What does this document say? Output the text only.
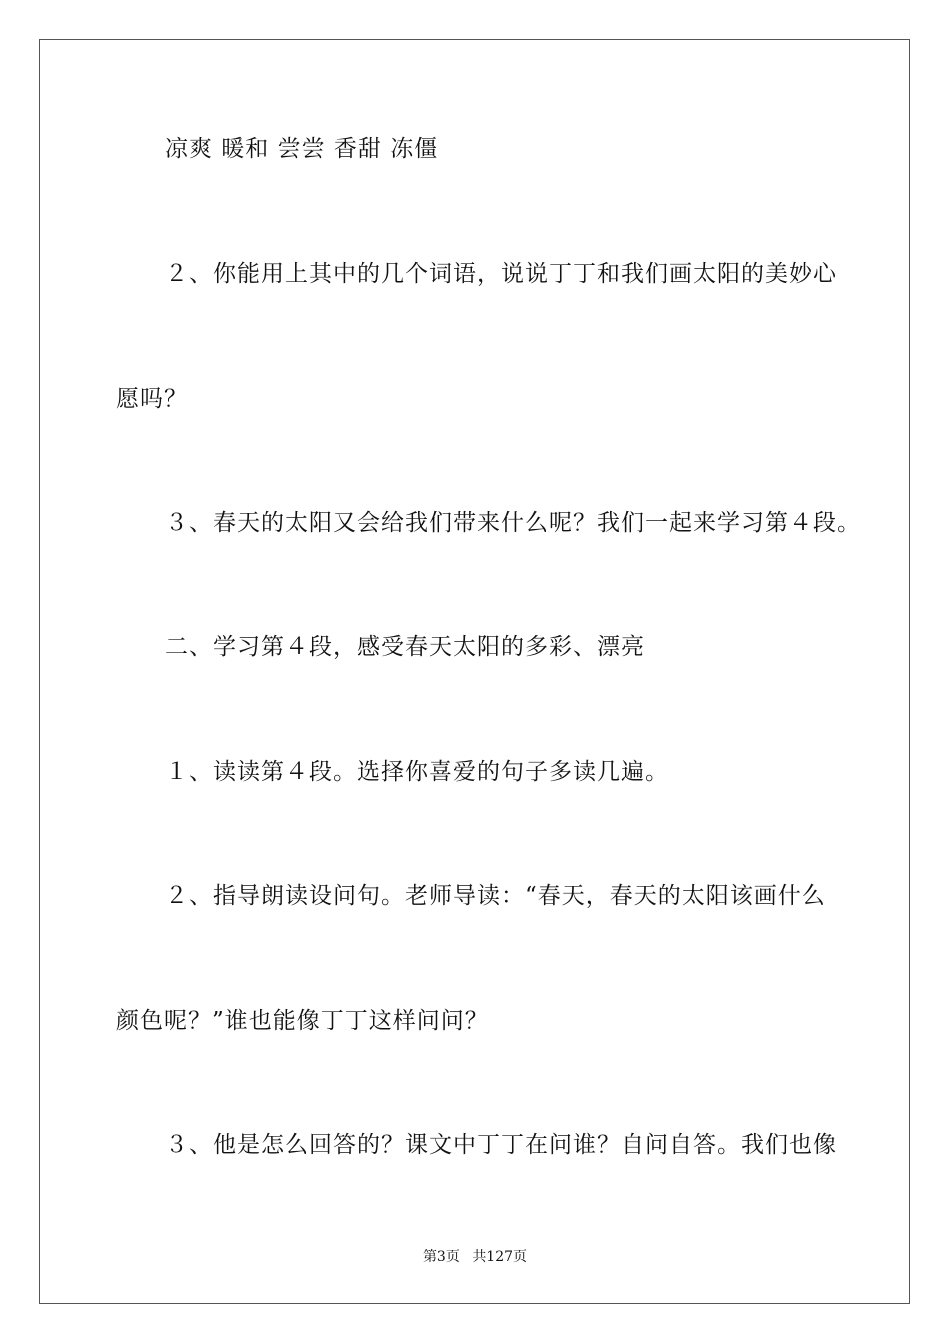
凉爽 暖和 尝尝 香甜 冻僵
２、你能用上其中的几个词语，说说丁丁和我们画太阳的美妙心
愿吗？
３、春天的太阳又会给我们带来什么呢？我们一起来学习第４段。
二、学习第４段，感受春天太阳的多彩、漂亮
１、读读第４段。选择你喜爱的句子多读几遍。
２、指导朗读设问句。老师导读：“春天，春天的太阳该画什么
颜色呢？”谁也能像丁丁这样问问？
３、他是怎么回答的？课文中丁丁在问谁？自问自答。我们也像
第3页 共127页
